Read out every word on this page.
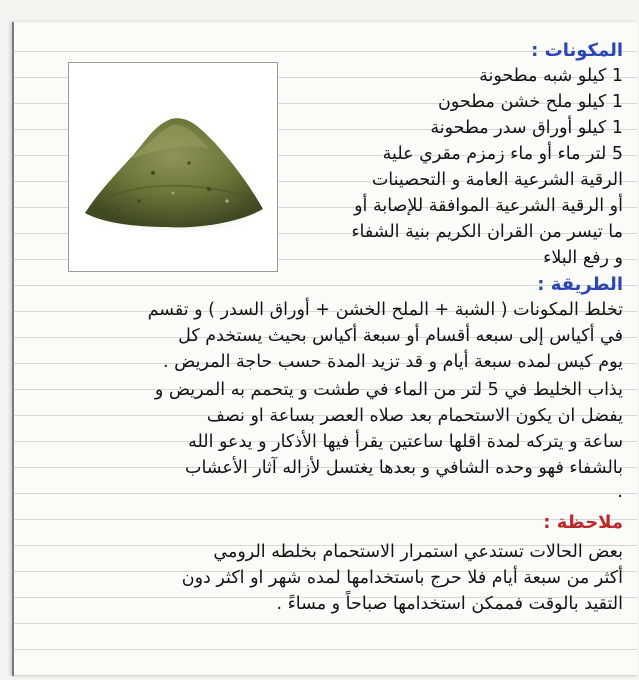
المكونات :
1 كيلو شبه مطحونة
1 كيلو ملح خشن مطحون
1 كيلو أوراق سدر مطحونة
5 لتر ماء أو ماء زمزم مقري علية
الرقية الشرعية العامة و التحصينات
أو الرقية الشرعية الموافقة للإصابة أو
ما تيسر من القران الكريم بنية الشفاء
و رفع البلاء
الطريقة :
تخلط المكونات ( الشبة + الملح الخشن + أوراق السدر ) و تقسم
في أكياس إلى سبعه أقسام أو سبعة أكياس بحيث يستخدم كل
يوم كيس لمده سبعة أيام و قد تزيد المدة حسب حاجة المريض .
يذاب الخليط في 5 لتر من الماء في طشت و يتحمم به المريض و
يفضل ان يكون الاستحمام بعد صلاه العصر بساعة او نصف
ساعة و يتركه لمدة اقلها ساعتين يقرأ فيها الأذكار و يدعو الله
بالشفاء فهو وحده الشافي و بعدها يغتسل لأزاله آثار الأعشاب
.
ملاحظة :
بعض الحالات تستدعي استمرار الاستحمام بخلطه الرومي
أكثر من سبعة أيام فلا حرج باستخدامها لمده شهر او اكثر دون
التقيد بالوقت فممكن استخدامها صباحاً و مساءً .
